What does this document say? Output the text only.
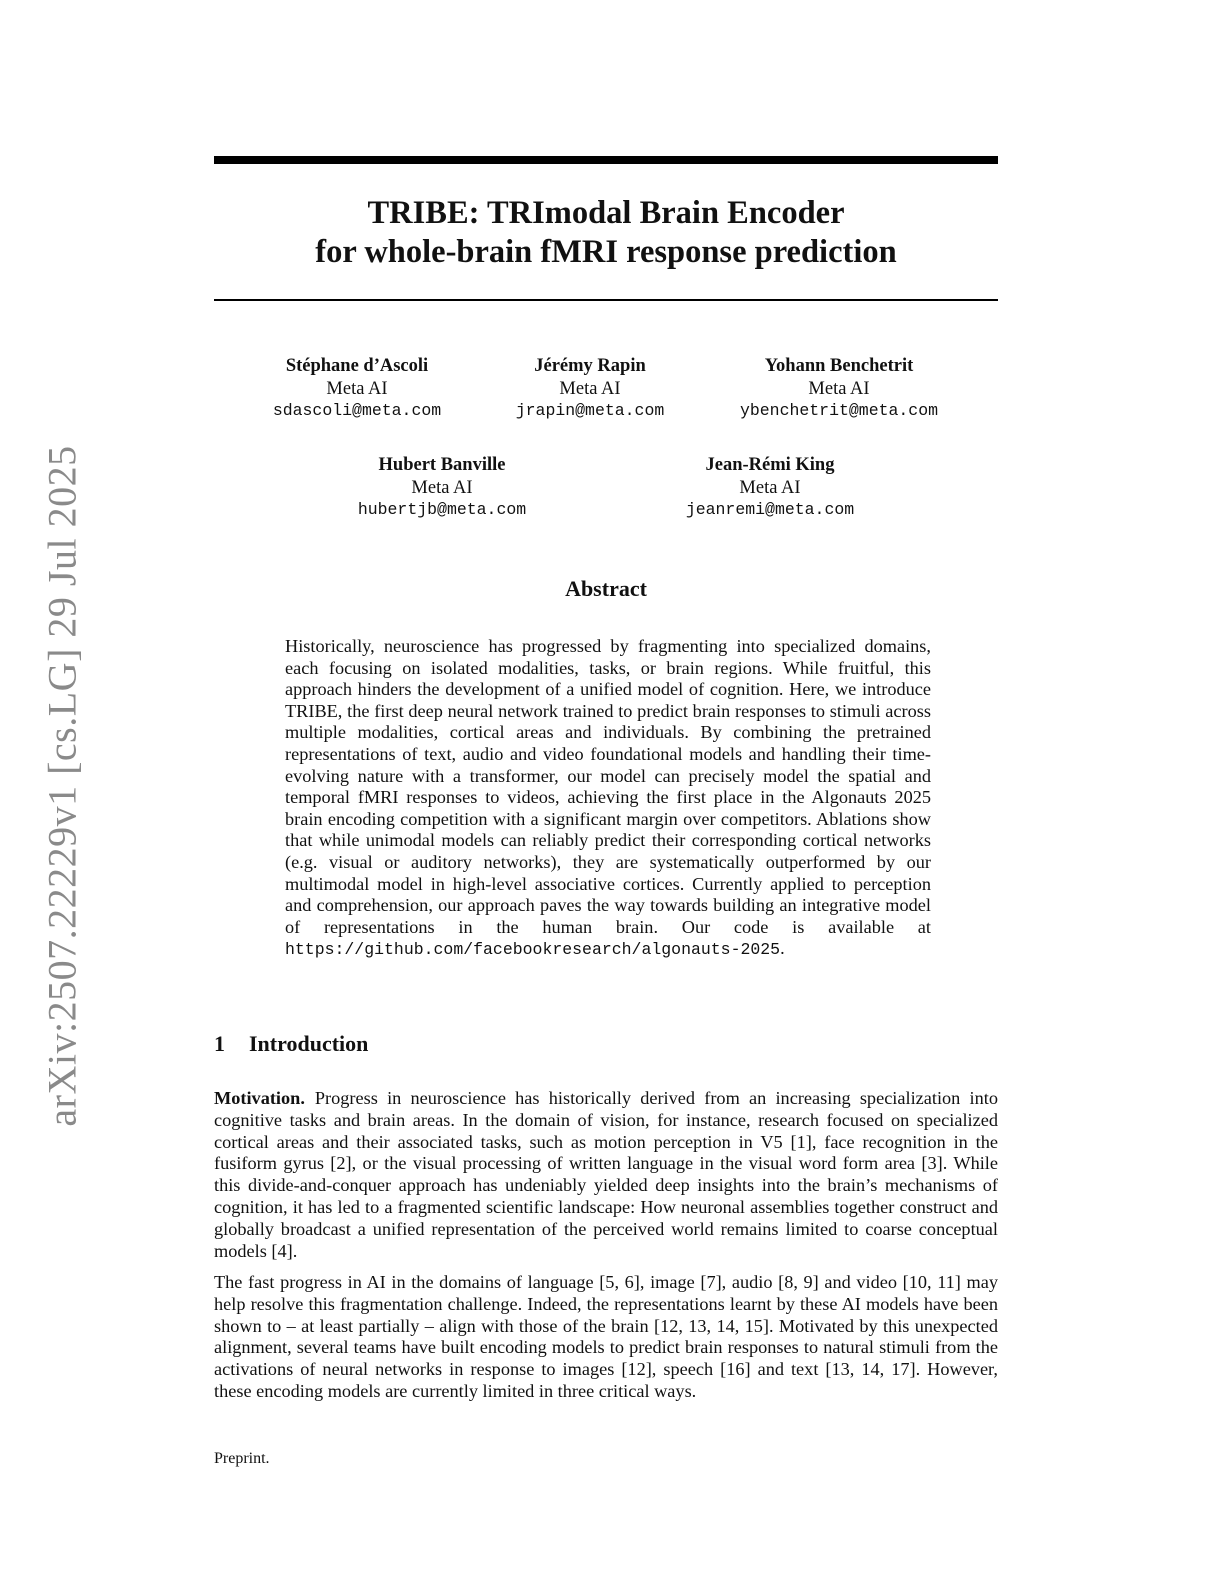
arXiv:2507.22229v1 [cs.LG] 29 Jul 2025
TRIBE: TRImodal Brain Encoder
for whole-brain fMRI response prediction
Stéphane d’Ascoli
Meta AI
sdascoli@meta.com
Jérémy Rapin
Meta AI
jrapin@meta.com
Yohann Benchetrit
Meta AI
ybenchetrit@meta.com
Hubert Banville
Meta AI
hubertjb@meta.com
Jean-Rémi King
Meta AI
jeanremi@meta.com
Abstract
Historically, neuroscience has progressed by fragmenting into specialized domains, each focusing on isolated modalities, tasks, or brain regions. While fruitful, this approach hinders the development of a unified model of cognition. Here, we introduce TRIBE, the first deep neural network trained to predict brain responses to stimuli across multiple modalities, cortical areas and individuals. By combining the pretrained representations of text, audio and video foundational models and handling their time-evolving nature with a transformer, our model can precisely model the spatial and temporal fMRI responses to videos, achieving the first place in the Algonauts 2025 brain encoding competition with a significant margin over competitors. Ablations show that while unimodal models can reliably predict their corresponding cortical networks (e.g. visual or auditory networks), they are systematically outperformed by our multimodal model in high-level associative cortices. Currently applied to perception and comprehension, our approach paves the way towards building an integrative model of representations in the human brain. Our code is available at https://github.com/facebookresearch/algonauts-2025.
1 Introduction

Motivation. Progress in neuroscience has historically derived from an increasing specialization into cognitive tasks and brain areas. In the domain of vision, for instance, research focused on specialized cortical areas and their associated tasks, such as motion perception in V5 [1], face recognition in the fusiform gyrus [2], or the visual processing of written language in the visual word form area [3]. While this divide-and-conquer approach has undeniably yielded deep insights into the brain’s mechanisms of cognition, it has led to a fragmented scientific landscape: How neuronal assemblies together construct and globally broadcast a unified representation of the perceived world remains limited to coarse conceptual models [4].

The fast progress in AI in the domains of language [5, 6], image [7], audio [8, 9] and video [10, 11] may help resolve this fragmentation challenge. Indeed, the representations learnt by these AI models have been shown to – at least partially – align with those of the brain [12, 13, 14, 15]. Motivated by this unexpected alignment, several teams have built encoding models to predict brain responses to natural stimuli from the activations of neural networks in response to images [12], speech [16] and text [13, 14, 17]. However, these encoding models are currently limited in three critical ways.

Preprint.
